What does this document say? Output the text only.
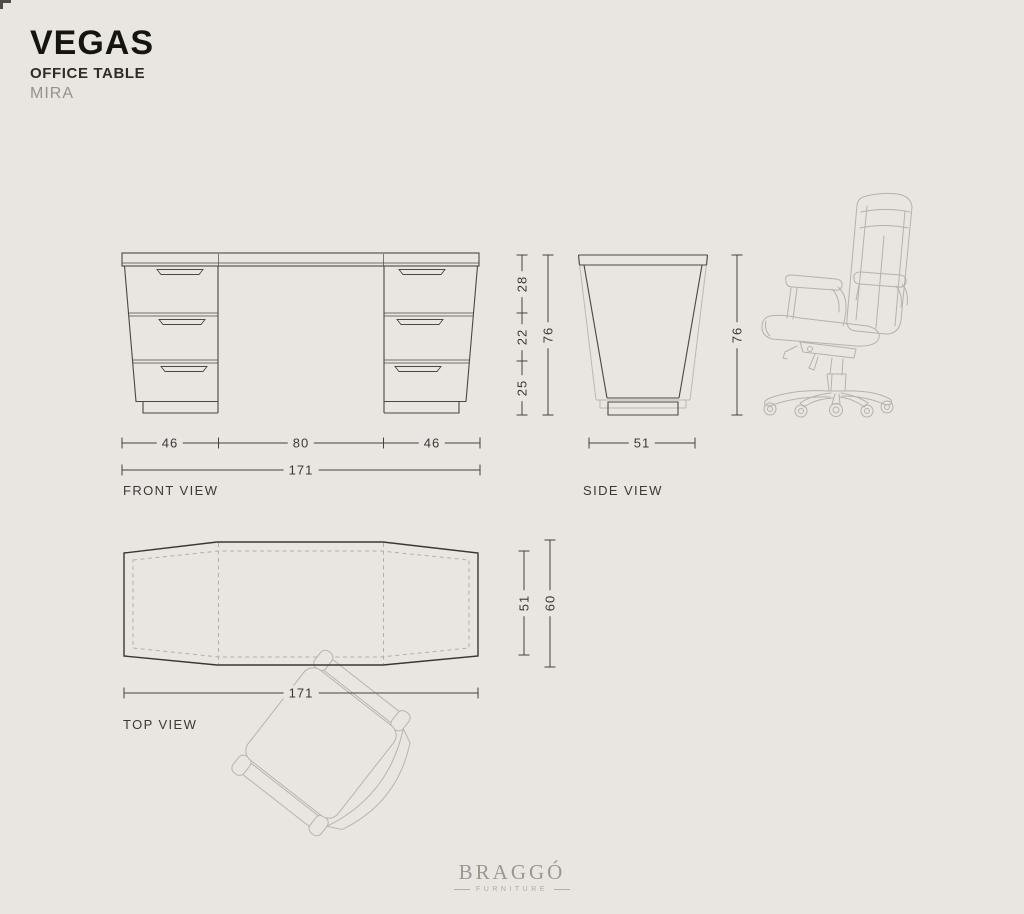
VEGAS
OFFICE TABLE
MIRA
46	80	46
171
28
22
25
76	76
51
171
51 60
FRONT VIEW	SIDE VIEW
TOP VIEW
BRAGGÓ
FURNITURE
